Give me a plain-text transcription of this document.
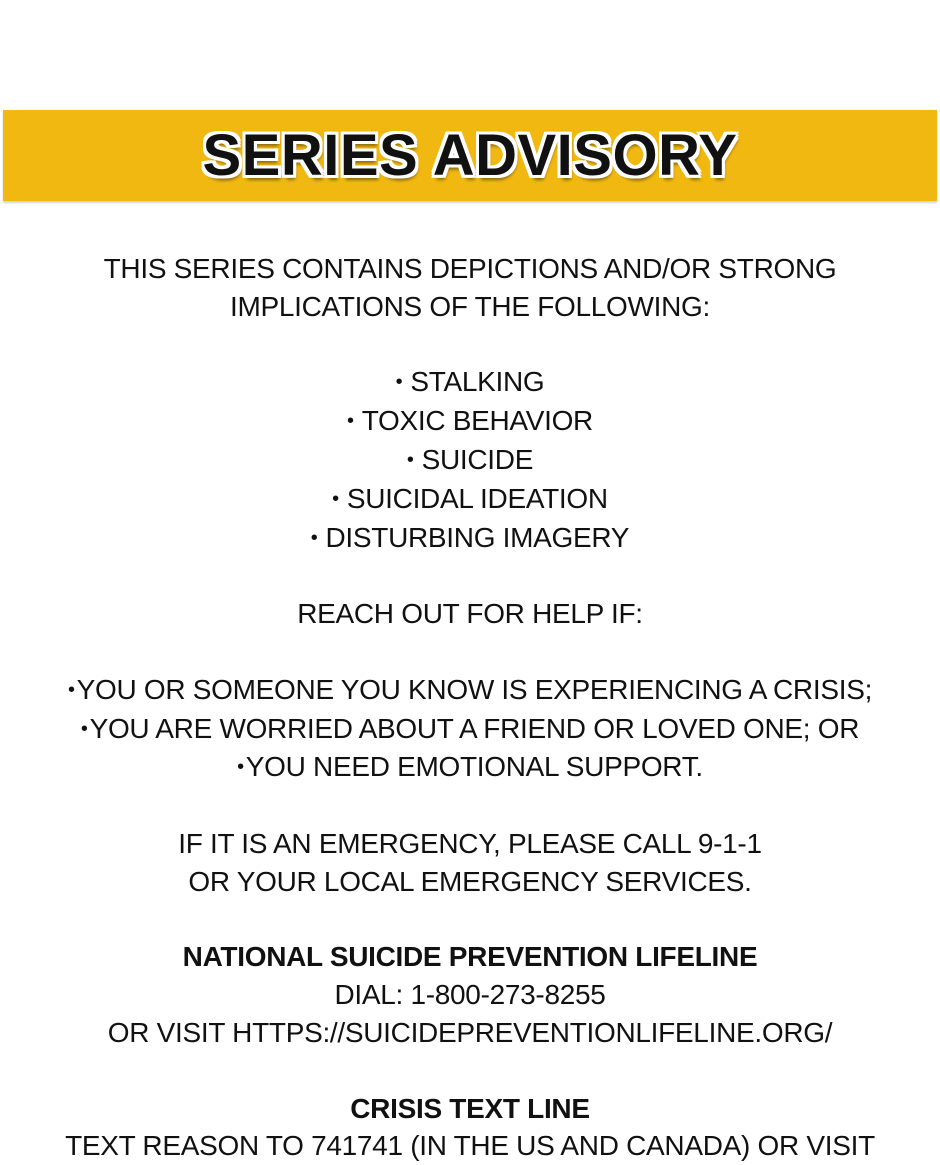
SERIES ADVISORY
THIS SERIES CONTAINS DEPICTIONS AND/OR STRONG
IMPLICATIONS OF THE FOLLOWING:
• STALKING
• TOXIC BEHAVIOR
• SUICIDE
• SUICIDAL IDEATION
• DISTURBING IMAGERY
REACH OUT FOR HELP IF:
•YOU OR SOMEONE YOU KNOW IS EXPERIENCING A CRISIS;
•YOU ARE WORRIED ABOUT A FRIEND OR LOVED ONE; OR
•YOU NEED EMOTIONAL SUPPORT.
IF IT IS AN EMERGENCY, PLEASE CALL 9-1-1
OR YOUR LOCAL EMERGENCY SERVICES.
NATIONAL SUICIDE PREVENTION LIFELINE
DIAL: 1-800-273-8255
OR VISIT HTTPS://SUICIDEPREVENTIONLIFELINE.ORG/
CRISIS TEXT LINE
TEXT REASON TO 741741 (IN THE US AND CANADA) OR VISIT
